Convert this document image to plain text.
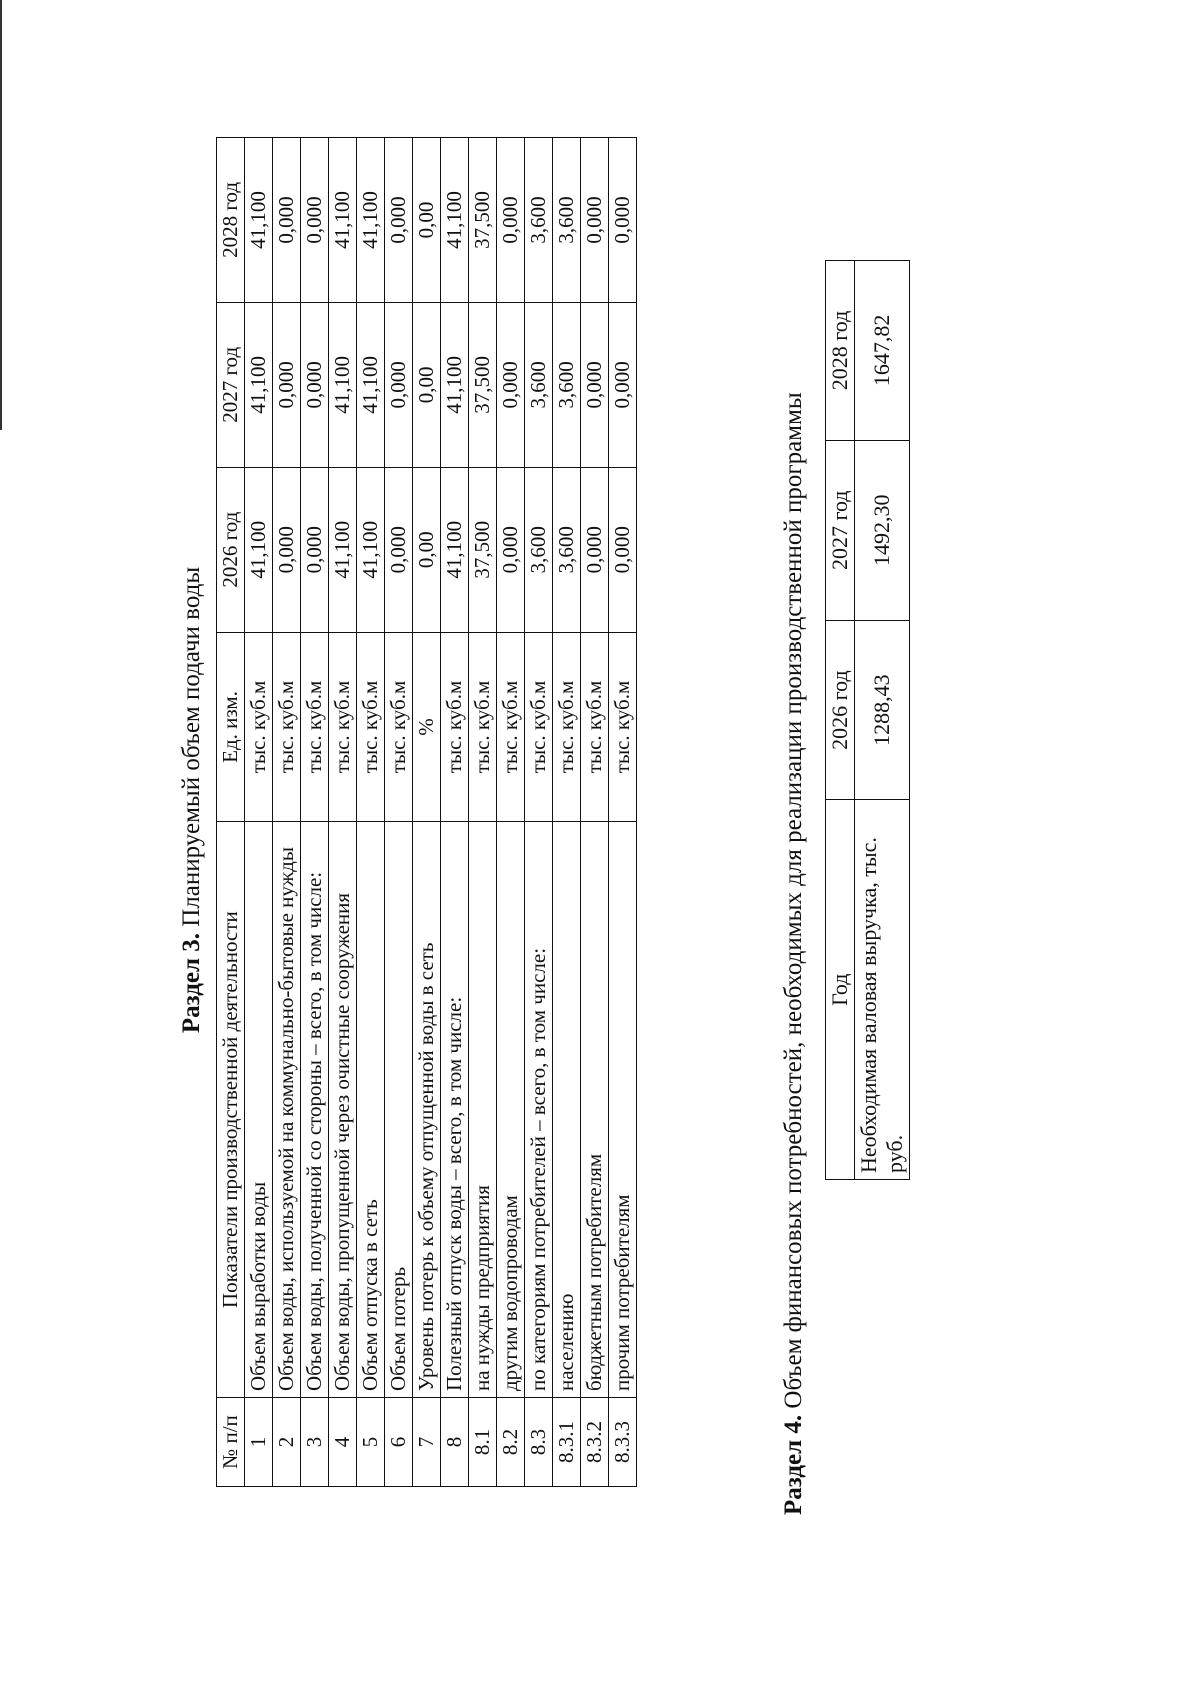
Раздел 3. Планируемый объем подачи воды
№ п/п	Показатели производственной деятельности	Ед. изм.	2026 год	2027 год	2028 год
1	Объем выработки воды	тыс. куб.м	41,100	41,100	41,100
2	Объем воды, используемой на коммунально-бытовые нужды	тыс. куб.м	0,000	0,000	0,000
3	Объем воды, полученной со стороны – всего, в том числе:	тыс. куб.м	0,000	0,000	0,000
4	Объем воды, пропущенной через очистные сооружения	тыс. куб.м	41,100	41,100	41,100
5	Объем отпуска в сеть	тыс. куб.м	41,100	41,100	41,100
6	Объем потерь	тыс. куб.м	0,000	0,000	0,000
7	Уровень потерь к объему отпущенной воды в сеть	%	0,00	0,00	0,00
8	Полезный отпуск воды – всего, в том числе:	тыс. куб.м	41,100	41,100	41,100
8.1	на нужды предприятия	тыс. куб.м	37,500	37,500	37,500
8.2	другим водопроводам	тыс. куб.м	0,000	0,000	0,000
8.3	по категориям потребителей – всего, в том числе:	тыс. куб.м	3,600	3,600	3,600
8.3.1	населению	тыс. куб.м	3,600	3,600	3,600
8.3.2	бюджетным потребителям	тыс. куб.м	0,000	0,000	0,000
8.3.3	прочим потребителям	тыс. куб.м	0,000	0,000	0,000
Раздел 4. Объем финансовых потребностей, необходимых для реализации производственной программы Год	2026 год	2027 год	2028 год
Необходимая валовая выручка, тыс. руб.	1288,43	1492,30	1647,82
